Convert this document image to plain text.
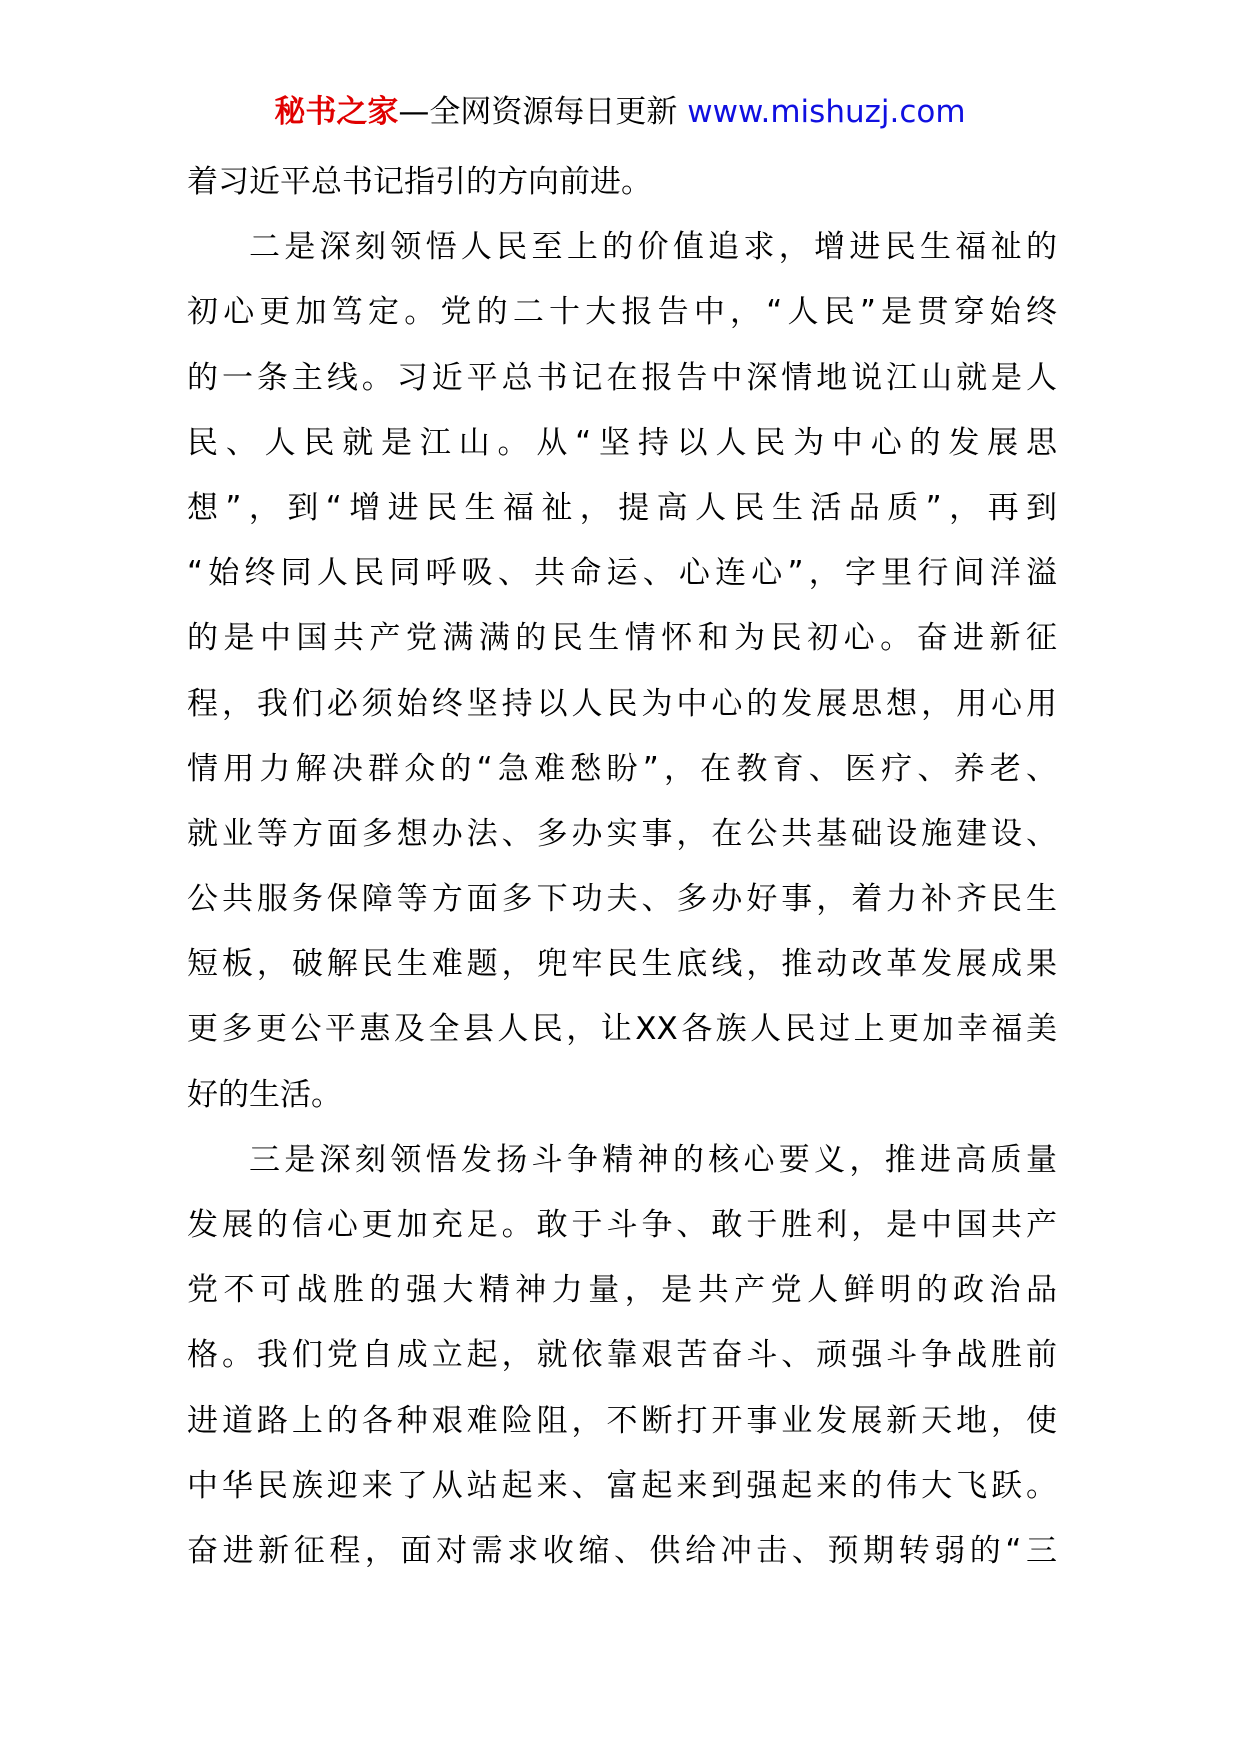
秘书之家—全网资源每日更新 www.mishuzj.com
着习近平总书记指引的方向前进。
二是深刻领悟人民至上的价值追求，增进民生福祉的
初心更加笃定。党的二十大报告中，“人民”是贯穿始终
的一条主线。习近平总书记在报告中深情地说江山就是人
民、人民就是江山。从“坚持以人民为中心的发展思
想”，到“增进民生福祉，提高人民生活品质”，再到
“始终同人民同呼吸、共命运、心连心”，字里行间洋溢
的是中国共产党满满的民生情怀和为民初心。奋进新征
程，我们必须始终坚持以人民为中心的发展思想，用心用
情用力解决群众的“急难愁盼”，在教育、医疗、养老、
就业等方面多想办法、多办实事，在公共基础设施建设、
公共服务保障等方面多下功夫、多办好事，着力补齐民生
短板，破解民生难题，兜牢民生底线，推动改革发展成果
更多更公平惠及全县人民，让XX各族人民过上更加幸福美
好的生活。
三是深刻领悟发扬斗争精神的核心要义，推进高质量
发展的信心更加充足。敢于斗争、敢于胜利，是中国共产
党不可战胜的强大精神力量，是共产党人鲜明的政治品
格。我们党自成立起，就依靠艰苦奋斗、顽强斗争战胜前
进道路上的各种艰难险阻，不断打开事业发展新天地，使
中华民族迎来了从站起来、富起来到强起来的伟大飞跃。
奋进新征程，面对需求收缩、供给冲击、预期转弱的“三
